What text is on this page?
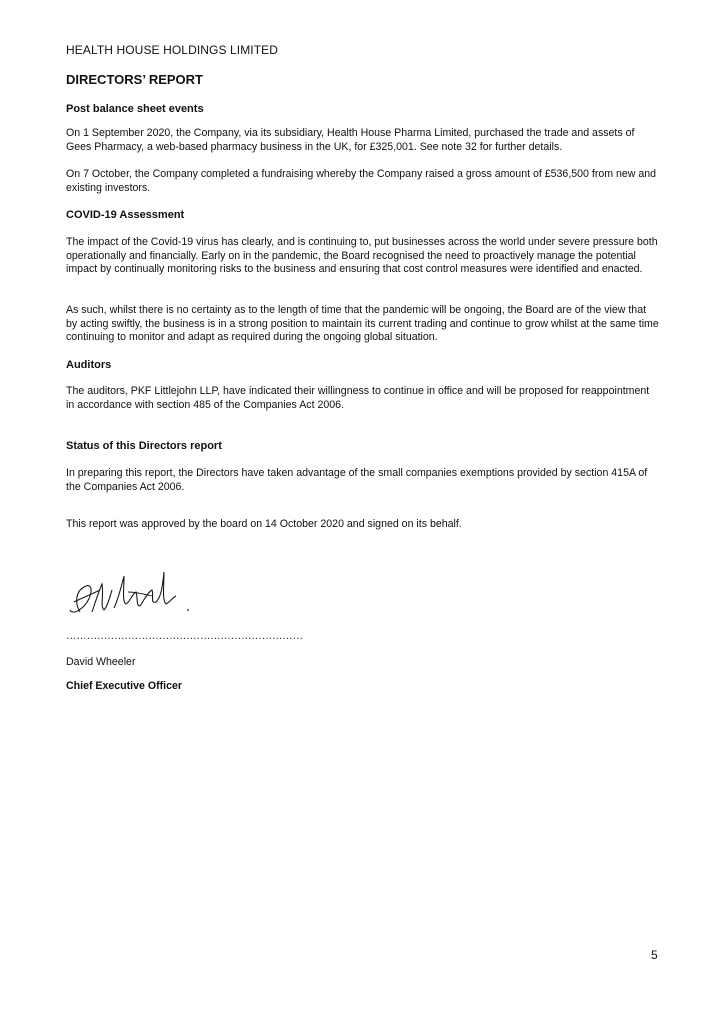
HEALTH HOUSE HOLDINGS LIMITED
DIRECTORS’ REPORT
Post balance sheet events
On 1 September 2020, the Company, via its subsidiary, Health House Pharma Limited, purchased the trade and assets of Gees Pharmacy, a web-based pharmacy business in the UK, for £325,001. See note 32 for further details.
On 7 October, the Company completed a fundraising whereby the Company raised a gross amount of £536,500 from new and existing investors.
COVID-19 Assessment
The impact of the Covid-19 virus has clearly, and is continuing to, put businesses across the world under severe pressure both operationally and financially. Early on in the pandemic, the Board recognised the need to proactively manage the potential impact by continually monitoring risks to the business and ensuring that cost control measures were identified and enacted.
As such, whilst there is no certainty as to the length of time that the pandemic will be ongoing, the Board are of the view that by acting swiftly, the business is in a strong position to maintain its current trading and continue to grow whilst at the same time continuing to monitor and adapt as required during the ongoing global situation.
Auditors
The auditors, PKF Littlejohn LLP, have indicated their willingness to continue in office and will be proposed for reappointment in accordance with section 485 of the Companies Act 2006.
Status of this Directors report
In preparing this report, the Directors have taken advantage of the small companies exemptions provided by section 415A of the Companies Act 2006.
This report was approved by the board on 14 October 2020 and signed on its behalf.
……………………………………………………………
David Wheeler
Chief Executive Officer
5
